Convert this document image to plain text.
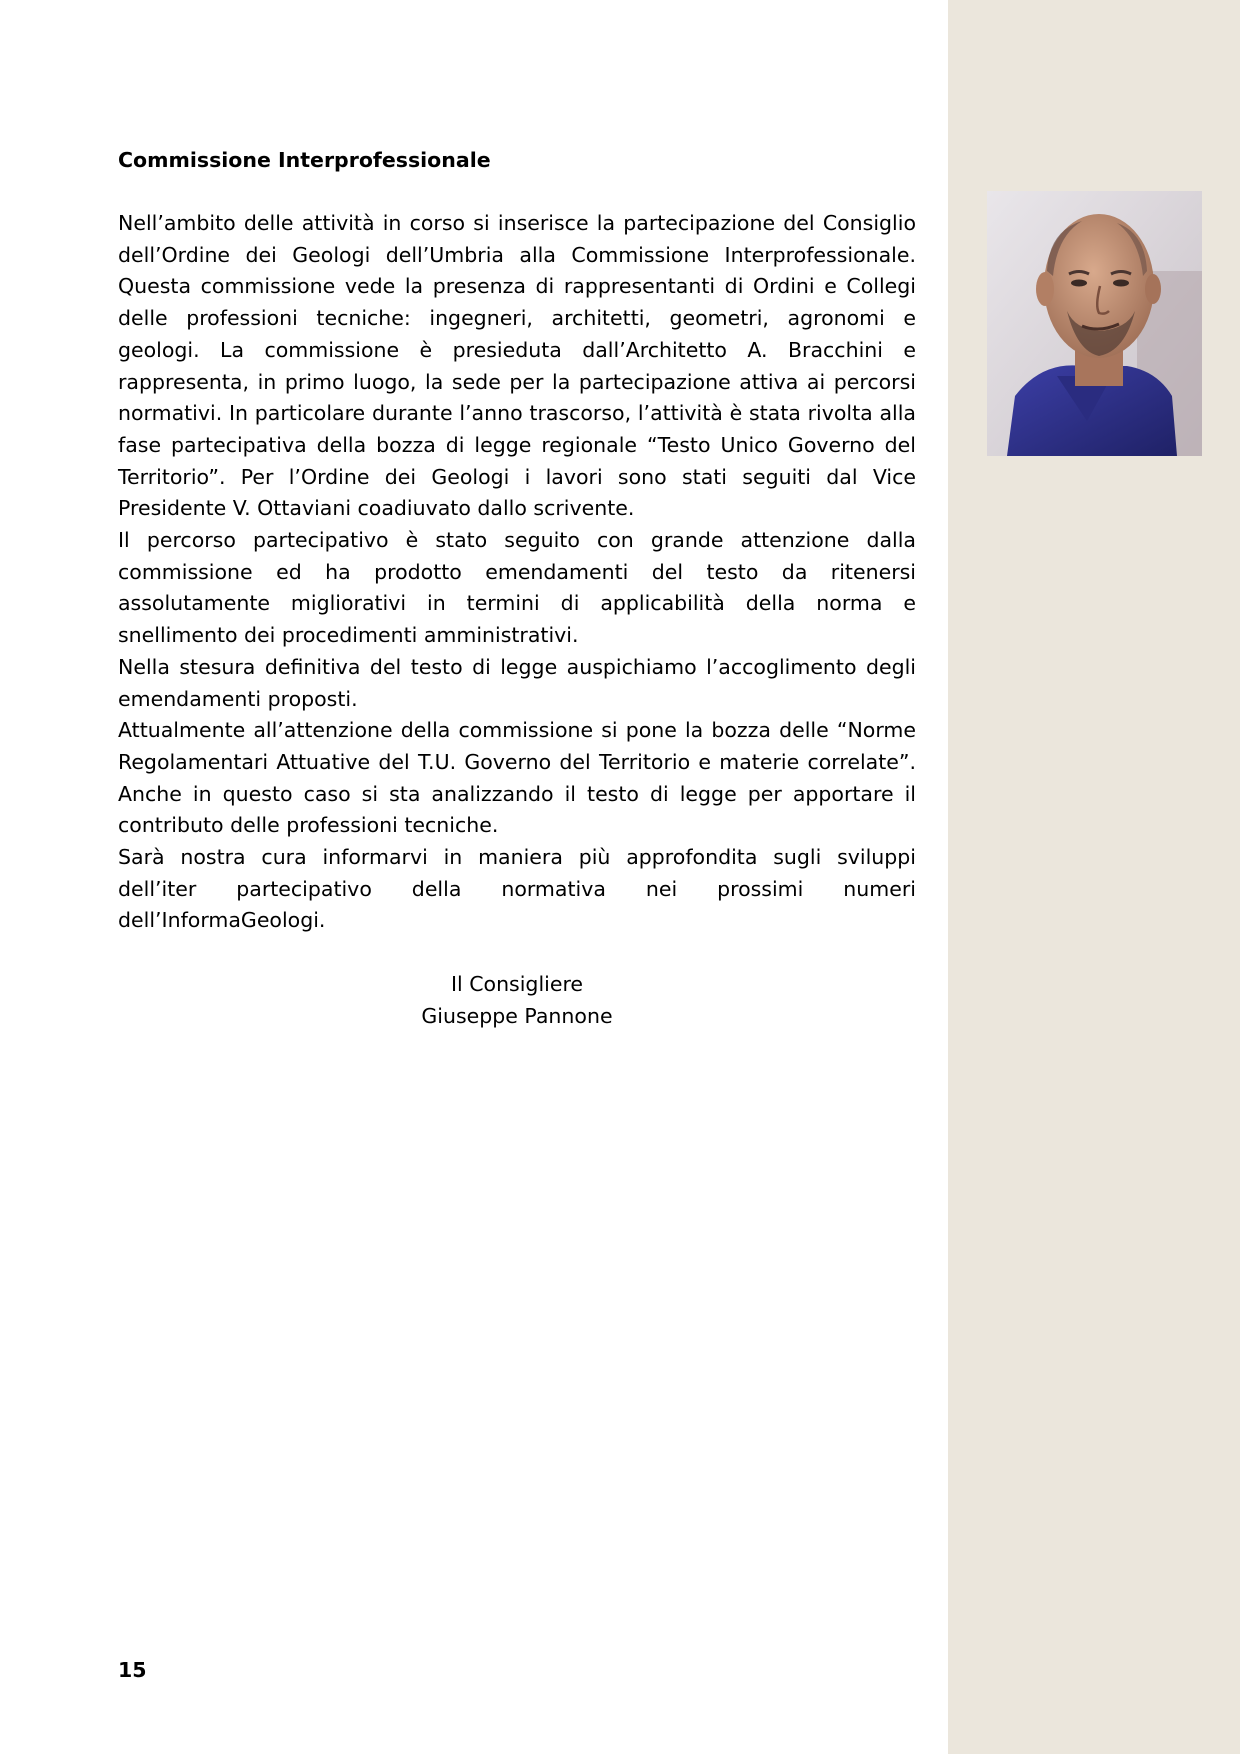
Commissione Interprofessionale

Nell’ambito delle attività in corso si inserisce la partecipazione del Consiglio dell’Ordine dei Geologi dell’Umbria alla Commissione Interprofessionale. Questa commissione vede la presenza di rappresentanti di Ordini e Collegi delle professioni tecniche: ingegneri, architetti, geometri, agronomi e geologi. La commissione è presieduta dall’Architetto A. Bracchini e rappresenta, in primo luogo, la sede per la partecipazione attiva ai percorsi normativi. In particolare durante l’anno trascorso, l’attività è stata rivolta alla fase partecipativa della bozza di legge regionale “Testo Unico Governo del Territorio”. Per l’Ordine dei Geologi i lavori sono stati seguiti dal Vice Presidente V. Ottaviani coadiuvato dallo scrivente.

Il percorso partecipativo è stato seguito con grande attenzione dalla commissione ed ha prodotto emendamenti del testo da ritenersi assolutamente migliorativi in termini di applicabilità della norma e snellimento dei procedimenti amministrativi.

Nella stesura definitiva del testo di legge auspichiamo l’accoglimento degli emendamenti proposti.

Attualmente all’attenzione della commissione si pone la bozza delle “Norme Regolamentari Attuative del T.U. Governo del Territorio e materie correlate”. Anche in questo caso si sta analizzando il testo di legge per apportare il contributo delle professioni tecniche.

Sarà nostra cura informarvi in maniera più approfondita sugli sviluppi dell’iter partecipativo della normativa nei prossimi numeri dell’InformaGeologi.

Il Consigliere
Giuseppe Pannone
15
